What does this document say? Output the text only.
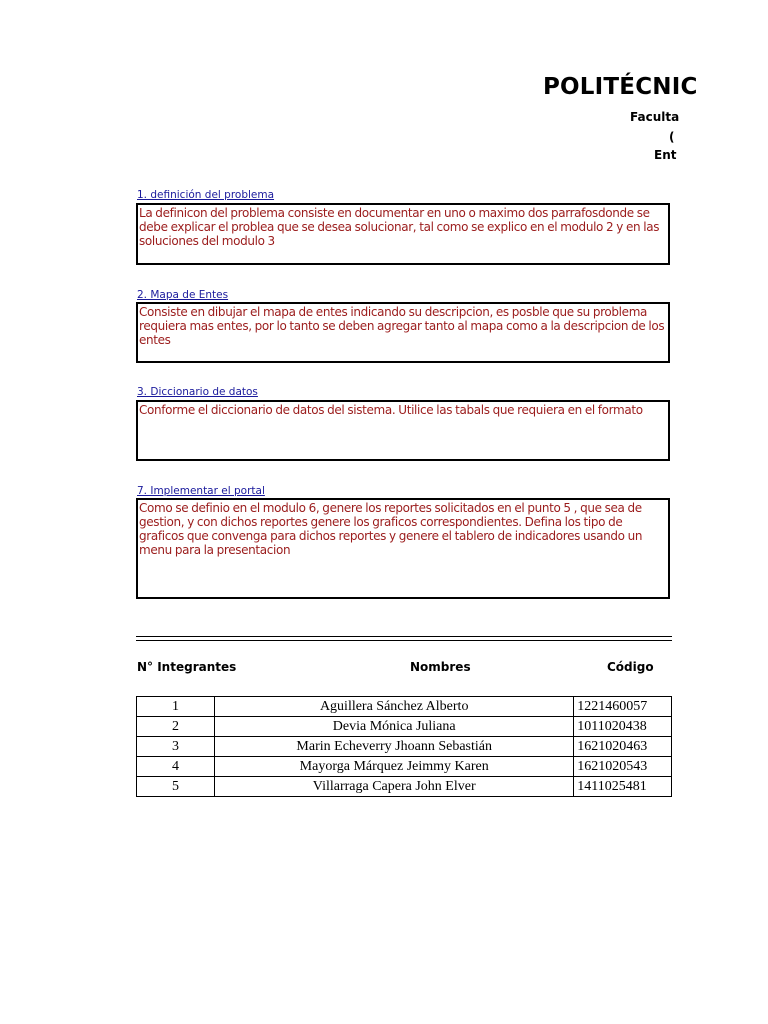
POLITÉCNIC
Faculta
(
Ent
1. definición del problema
La definicon del problema consiste en documentar en uno o maximo dos parrafosdonde se debe explicar el problea que se desea solucionar, tal como se explico en el modulo 2 y en las soluciones del modulo 3
2. Mapa de Entes
Consiste en dibujar el mapa de entes indicando su descripcion, es posble que su problema requiera mas entes, por lo tanto se deben agregar tanto al mapa como a la descripcion de los entes
3. Diccionario de datos
Conforme el diccionario de datos del sistema. Utilice las tabals que requiera en el formato
7. Implementar el portal
Como se definio en el modulo 6, genere los reportes solicitados en el punto 5 , que sea de gestion, y con dichos reportes genere los graficos correspondientes. Defina los tipo de graficos que convenga para dichos reportes y genere el tablero de indicadores usando un menu para la presentacion
N° Integrantes	Nombres	Código
1	Aguillera Sánchez Alberto	1221460057
2	Devia Mónica Juliana	1011020438
3	Marin Echeverry Jhoann Sebastián	1621020463
4	Mayorga Márquez Jeimmy Karen	1621020543
5	Villarraga Capera John Elver	1411025481
